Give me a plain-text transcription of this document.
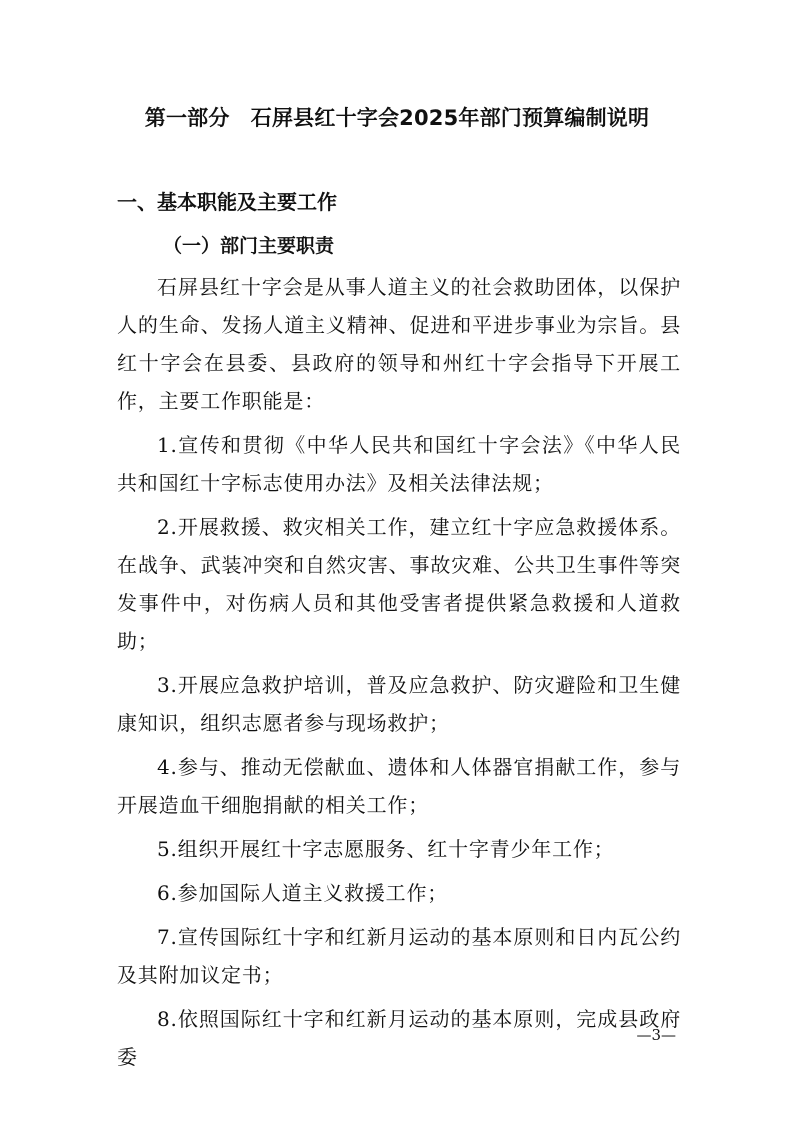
第一部分　石屏县红十字会2025年部门预算编制说明
一、基本职能及主要工作
（一）部门主要职责

石屏县红十字会是从事人道主义的社会救助团体，以保护人的生命、发扬人道主义精神、促进和平进步事业为宗旨。县红十字会在县委、县政府的领导和州红十字会指导下开展工作，主要工作职能是：

1.宣传和贯彻《中华人民共和国红十字会法》《中华人民共和国红十字标志使用办法》及相关法律法规；

2.开展救援、救灾相关工作，建立红十字应急救援体系。在战争、武装冲突和自然灾害、事故灾难、公共卫生事件等突发事件中，对伤病人员和其他受害者提供紧急救援和人道救助；

3.开展应急救护培训，普及应急救护、防灾避险和卫生健康知识，组织志愿者参与现场救护；

4.参与、推动无偿献血、遗体和人体器官捐献工作，参与开展造血干细胞捐献的相关工作；

5.组织开展红十字志愿服务、红十字青少年工作；

6.参加国际人道主义救援工作；

7.宣传国际红十字和红新月运动的基本原则和日内瓦公约及其附加议定书；

8.依照国际红十字和红新月运动的基本原则，完成县政府委

—3—
